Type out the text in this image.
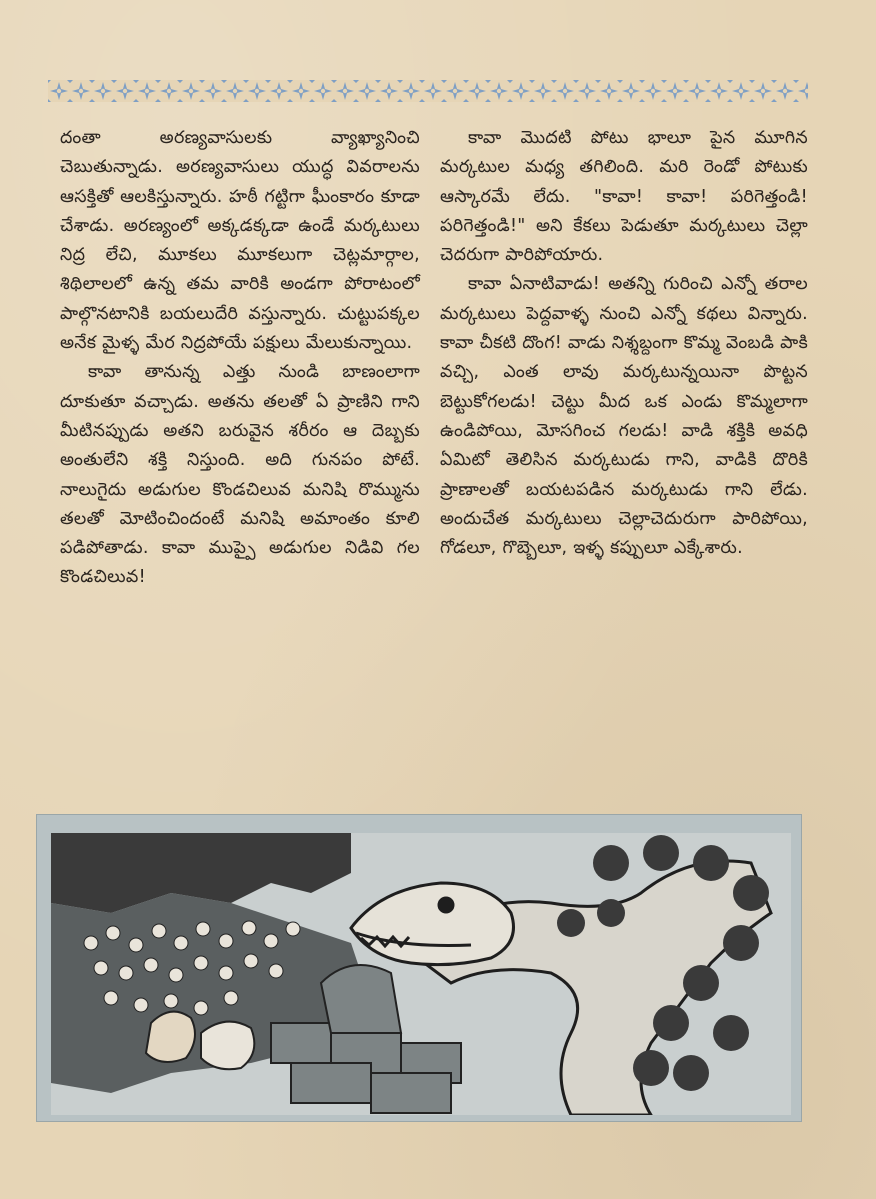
దంతా అరణ్యవాసులకు వ్యాఖ్యానించి చెబుతున్నాడు. అరణ్యవాసులు యుద్ధ వివరాలను ఆసక్తితో ఆలకిస్తున్నారు. హఠీ గట్టిగా ఘీంకారం కూడా చేశాడు. అరణ్యంలో అక్కడక్కడా ఉండే మర్కటులు నిద్ర లేచి, మూకలు మూకలుగా చెట్లమార్గాల, శిథిలాలలో ఉన్న తమ వారికి అండగా పోరాటంలో పాల్గొనటానికి బయలుదేరి వస్తున్నారు. చుట్టుపక్కల అనేక మైళ్ళ మేర నిద్రపోయే పక్షులు మేలుకున్నాయి.

కావా తానున్న ఎత్తు నుండి బాణంలాగా దూకుతూ వచ్చాడు. అతను తలతో ఏ ప్రాణిని గాని మీటినప్పుడు అతని బరువైన శరీరం ఆ దెబ్బకు అంతులేని శక్తి నిస్తుంది. అది గునపం పోటే. నాలుగైదు అడుగుల కొండచిలువ మనిషి రొమ్మును తలతో మోటించిందంటే మనిషి అమాంతం కూలి పడిపోతాడు. కావా ముప్పై అడుగుల నిడివి గల కొండచిలువ!

కావా మొదటి పోటు భాలూ పైన మూగిన మర్కటుల మధ్య తగిలింది. మరి రెండో పోటుకు ఆస్కారమే లేదు. "కావా! కావా! పరిగెత్తండి! పరిగెత్తండి!" అని కేకలు పెడుతూ మర్కటులు చెల్లా చెదరుగా పారిపోయారు.

కావా ఏనాటివాడు! అతన్ని గురించి ఎన్నో తరాల మర్కటులు పెద్దవాళ్ళ నుంచి ఎన్నో కథలు విన్నారు. కావా చీకటి దొంగ! వాడు నిశ్శబ్దంగా కొమ్మ వెంబడి పాకి వచ్చి, ఎంత లావు మర్కటున్నయినా పొట్టన బెట్టుకోగలడు! చెట్టు మీద ఒక ఎండు కొమ్మలాగా ఉండిపోయి, మోసగించ గలడు! వాడి శక్తికి అవధి ఏమిటో తెలిసిన మర్కటుడు గాని, వాడికి దొరికి ప్రాణాలతో బయటపడిన మర్కటుడు గాని లేడు. అందుచేత మర్కటులు చెల్లాచెదురుగా పారిపోయి, గోడలూ, గొబ్బెలూ, ఇళ్ళ కప్పులూ ఎక్కేశారు.
